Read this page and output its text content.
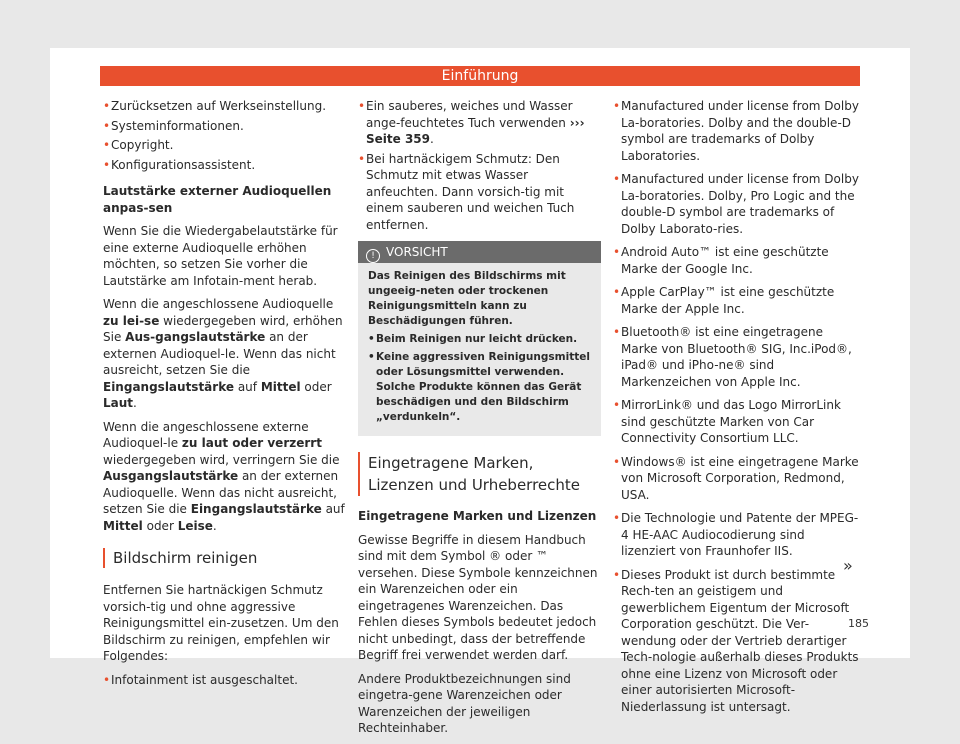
Einführung
• Zurücksetzen auf Werkseinstellung.
• Systeminformationen.
• Copyright.
• Konfigurationsassistent.

Lautstärke externer Audioquellen anpas-sen

Wenn Sie die Wiedergabelautstärke für eine externe Audioquelle erhöhen möchten, so setzen Sie vorher die Lautstärke am Infotain-ment herab.

Wenn die angeschlossene Audioquelle zu lei-se wiedergegeben wird, erhöhen Sie Aus-gangslautstärke an der externen Audioquel-le. Wenn das nicht ausreicht, setzen Sie die Eingangslautstärke auf Mittel oder Laut.

Wenn die angeschlossene externe Audioquel-le zu laut oder verzerrt wiedergegeben wird, verringern Sie die Ausgangslautstärke an der externen Audioquelle. Wenn das nicht ausreicht, setzen Sie die Eingangslautstärke auf Mittel oder Leise.

Bildschirm reinigen

Entfernen Sie hartnäckigen Schmutz vorsich-tig und ohne aggressive Reinigungsmittel ein-zusetzen. Um den Bildschirm zu reinigen, empfehlen wir Folgendes:

• Infotainment ist ausgeschaltet.
• Ein sauberes, weiches und Wasser ange-feuchtetes Tuch verwenden ››› Seite 359.
• Bei hartnäckigem Schmutz: Den Schmutz mit etwas Wasser anfeuchten. Dann vorsich-tig mit einem sauberen und weichen Tuch entfernen.
! VORSICHT
Das Reinigen des Bildschirms mit ungeeig-neten oder trockenen Reinigungsmitteln kann zu Beschädigungen führen.
• Beim Reinigen nur leicht drücken.
• Keine aggressiven Reinigungsmittel oder Lösungsmittel verwenden. Solche Produkte können das Gerät beschädigen und den Bildschirm „verdunkeln“.
Eingetragene Marken, Lizenzen und Urheberrechte

Eingetragene Marken und Lizenzen

Gewisse Begriffe in diesem Handbuch sind mit dem Symbol ® oder ™ versehen. Diese Symbole kennzeichnen ein Warenzeichen oder ein eingetragenes Warenzeichen. Das Fehlen dieses Symbols bedeutet jedoch nicht unbedingt, dass der betreffende Begriff frei verwendet werden darf.

Andere Produktbezeichnungen sind eingetra-gene Warenzeichen oder Warenzeichen der jeweiligen Rechteinhaber.

• Manufactured under license from Dolby La-boratories. Dolby and the double-D symbol are trademarks of Dolby Laboratories.
• Manufactured under license from Dolby La-boratories. Dolby, Pro Logic and the double-D symbol are trademarks of Dolby Laborato-ries.
• Android Auto™ ist eine geschützte Marke der Google Inc.
• Apple CarPlay™ ist eine geschützte Marke der Apple Inc.
• Bluetooth® ist eine eingetragene Marke von Bluetooth® SIG, Inc.iPod®, iPad® und iPho-ne® sind Markenzeichen von Apple Inc.
• MirrorLink® und das Logo MirrorLink sind geschützte Marken von Car Connectivity Consortium LLC.
• Windows® ist eine eingetragene Marke von Microsoft Corporation, Redmond, USA.
• Die Technologie und Patente der MPEG-4 HE-AAC Audiocodierung sind lizenziert von Fraunhofer IIS.
• Dieses Produkt ist durch bestimmte Rech-ten an geistigem und gewerblichem Eigentum der Microsoft Corporation geschützt. Die Ver-wendung oder der Vertrieb derartiger Tech-nologie außerhalb dieses Produkts ohne eine Lizenz von Microsoft oder einer autorisierten Microsoft-Niederlassung ist untersagt.
»
185
